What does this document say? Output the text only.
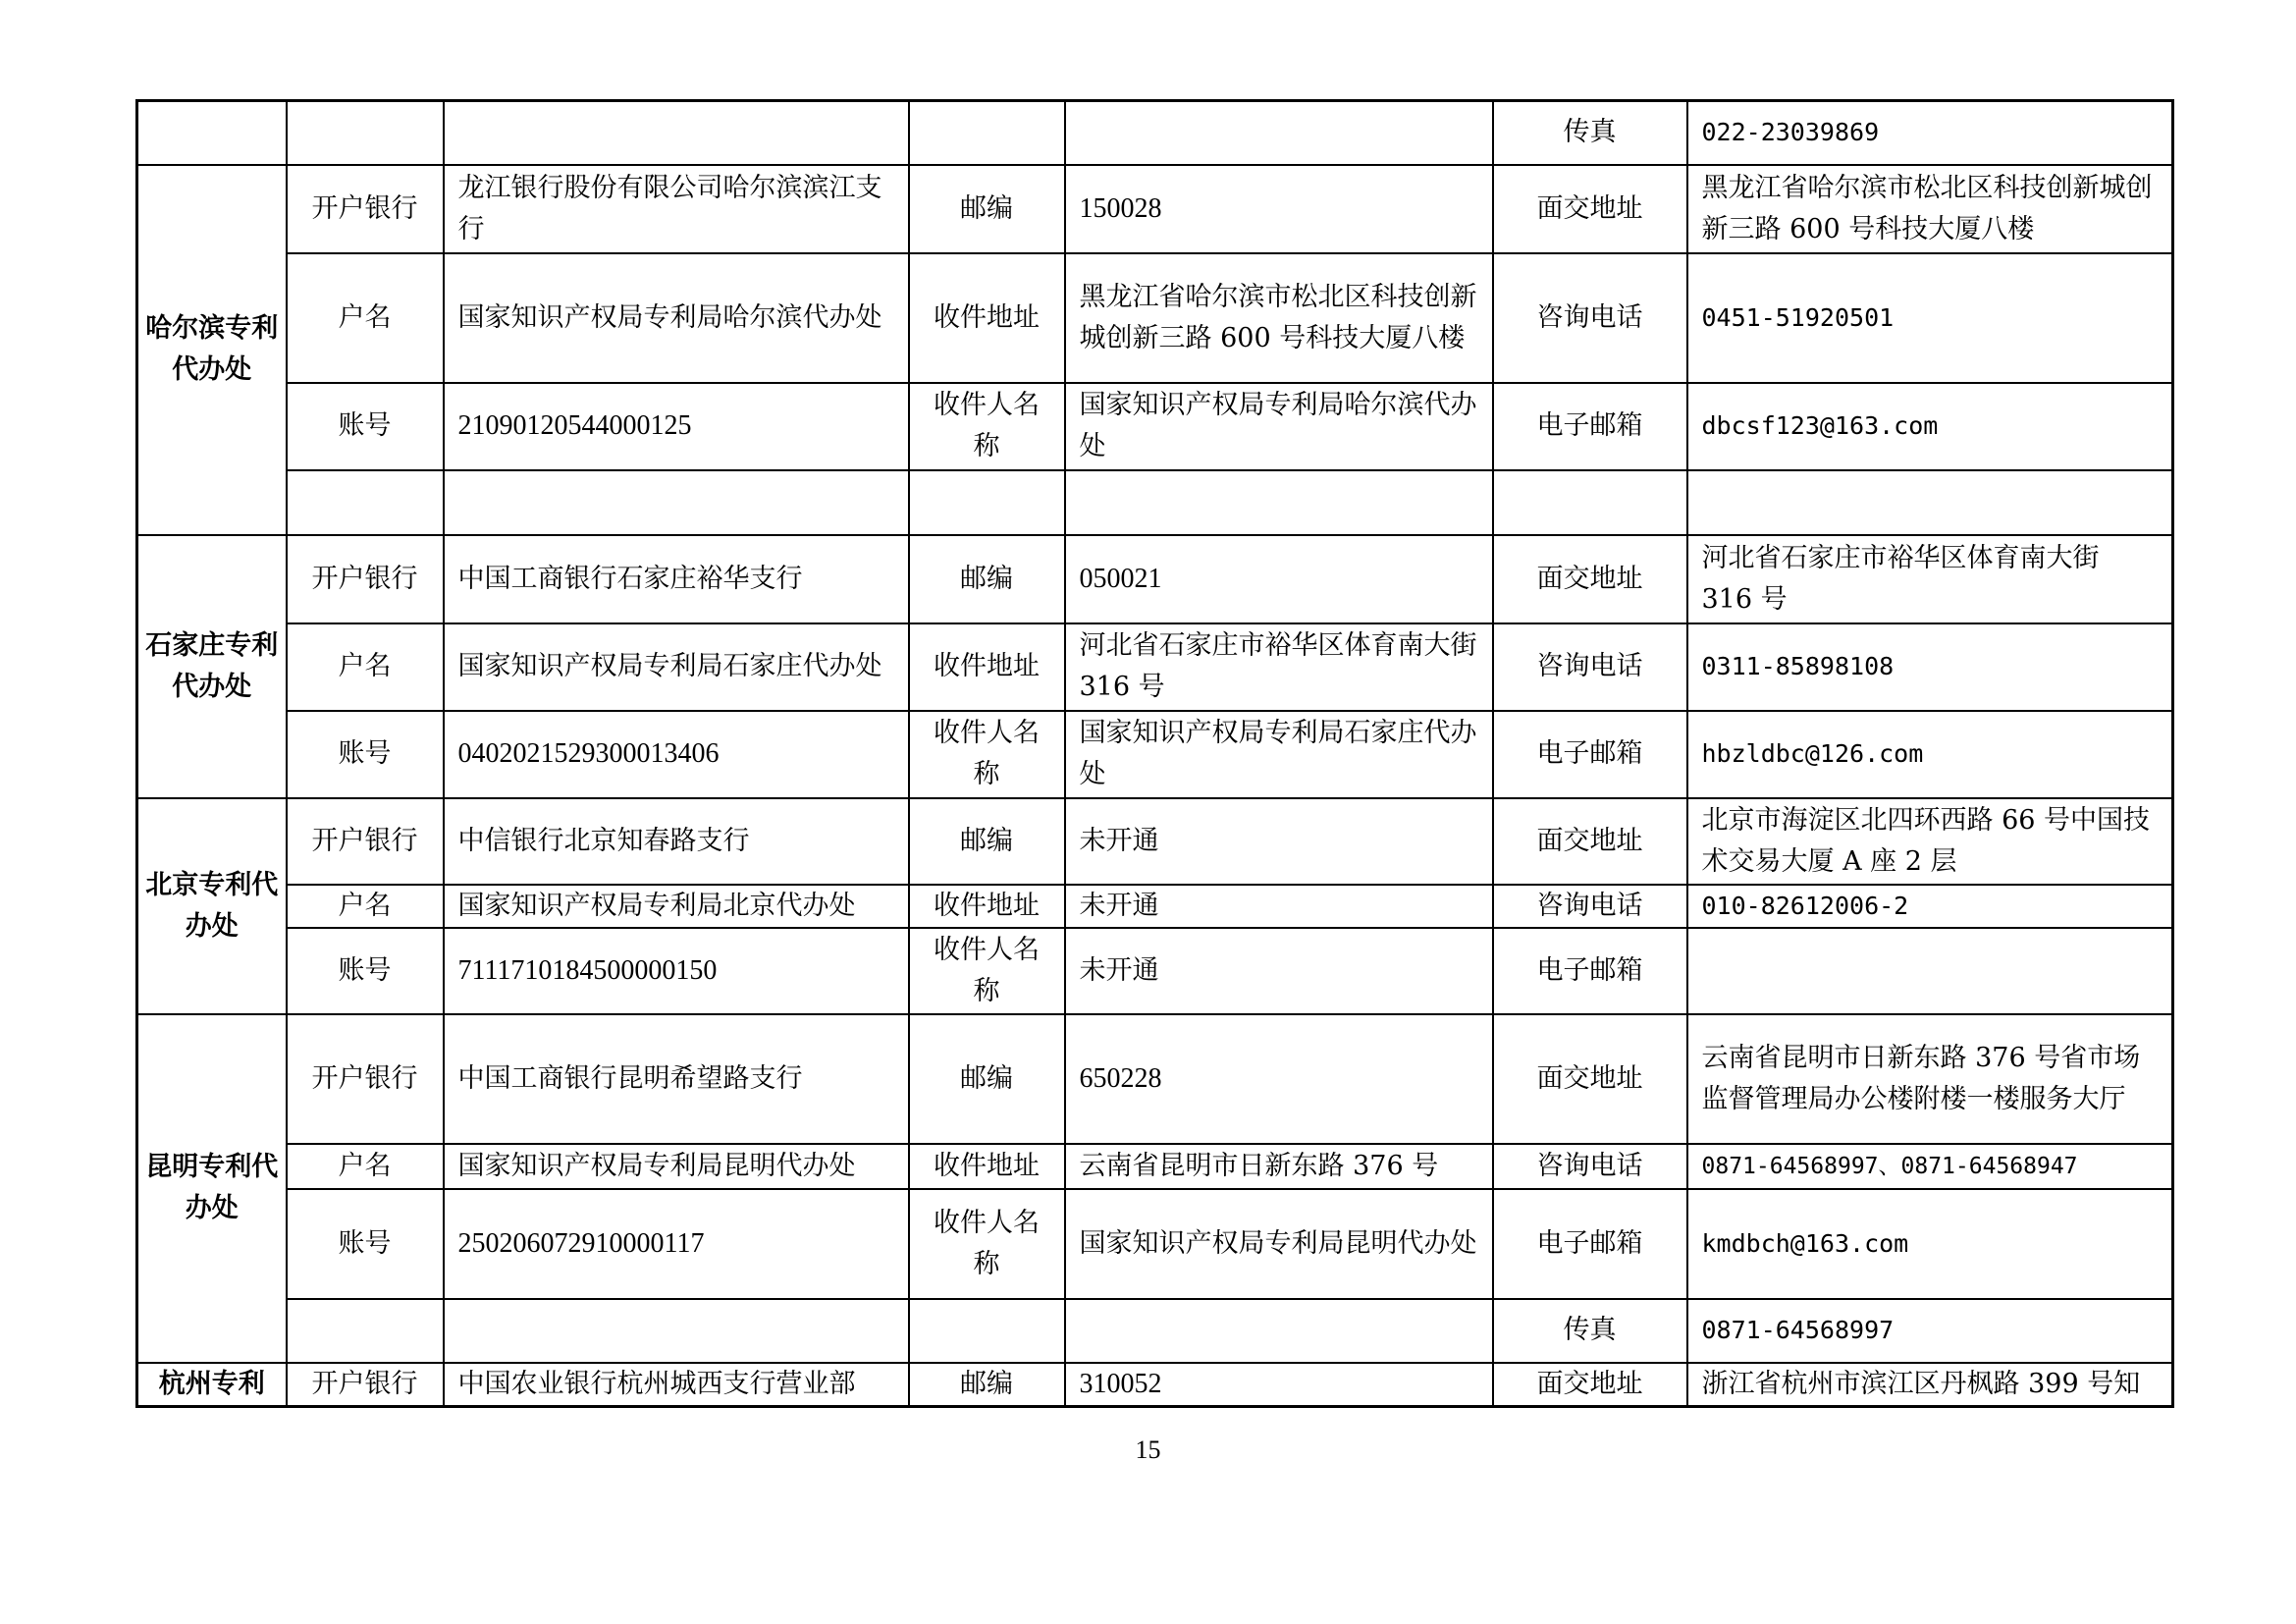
					传真	022-23039869
哈尔滨专利代办处	开户银行	龙江银行股份有限公司哈尔滨滨江支行	邮编	150028	面交地址	黑龙江省哈尔滨市松北区科技创新城创新三路 600 号科技大厦八楼
	户名	国家知识产权局专利局哈尔滨代办处	收件地址	黑龙江省哈尔滨市松北区科技创新城创新三路 600 号科技大厦八楼	咨询电话	0451-51920501
	账号	21090120544000125	收件人名称	国家知识产权局专利局哈尔滨代办处	电子邮箱	dbcsf123@163.com

石家庄专利代办处	开户银行	中国工商银行石家庄裕华支行	邮编	050021	面交地址	河北省石家庄市裕华区体育南大街 316 号
	户名	国家知识产权局专利局石家庄代办处	收件地址	河北省石家庄市裕华区体育南大街 316 号	咨询电话	0311-85898108
	账号	0402021529300013406	收件人名称	国家知识产权局专利局石家庄代办处	电子邮箱	hbzldbc@126.com
北京专利代办处	开户银行	中信银行北京知春路支行	邮编	未开通	面交地址	北京市海淀区北四环西路 66 号中国技术交易大厦 A 座 2 层
	户名	国家知识产权局专利局北京代办处	收件地址	未开通	咨询电话	010-82612006-2
	账号	7111710184500000150	收件人名称	未开通	电子邮箱	
昆明专利代办处	开户银行	中国工商银行昆明希望路支行	邮编	650228	面交地址	云南省昆明市日新东路 376 号省市场监督管理局办公楼附楼一楼服务大厅
	户名	国家知识产权局专利局昆明代办处	收件地址	云南省昆明市日新东路 376 号	咨询电话	0871-64568997、0871-64568947
	账号	250206072910000117	收件人名称	国家知识产权局专利局昆明代办处	电子邮箱	kmdbch@163.com
					传真	0871-64568997
杭州专利	开户银行	中国农业银行杭州城西支行营业部	邮编	310052	面交地址	浙江省杭州市滨江区丹枫路 399 号知
15
